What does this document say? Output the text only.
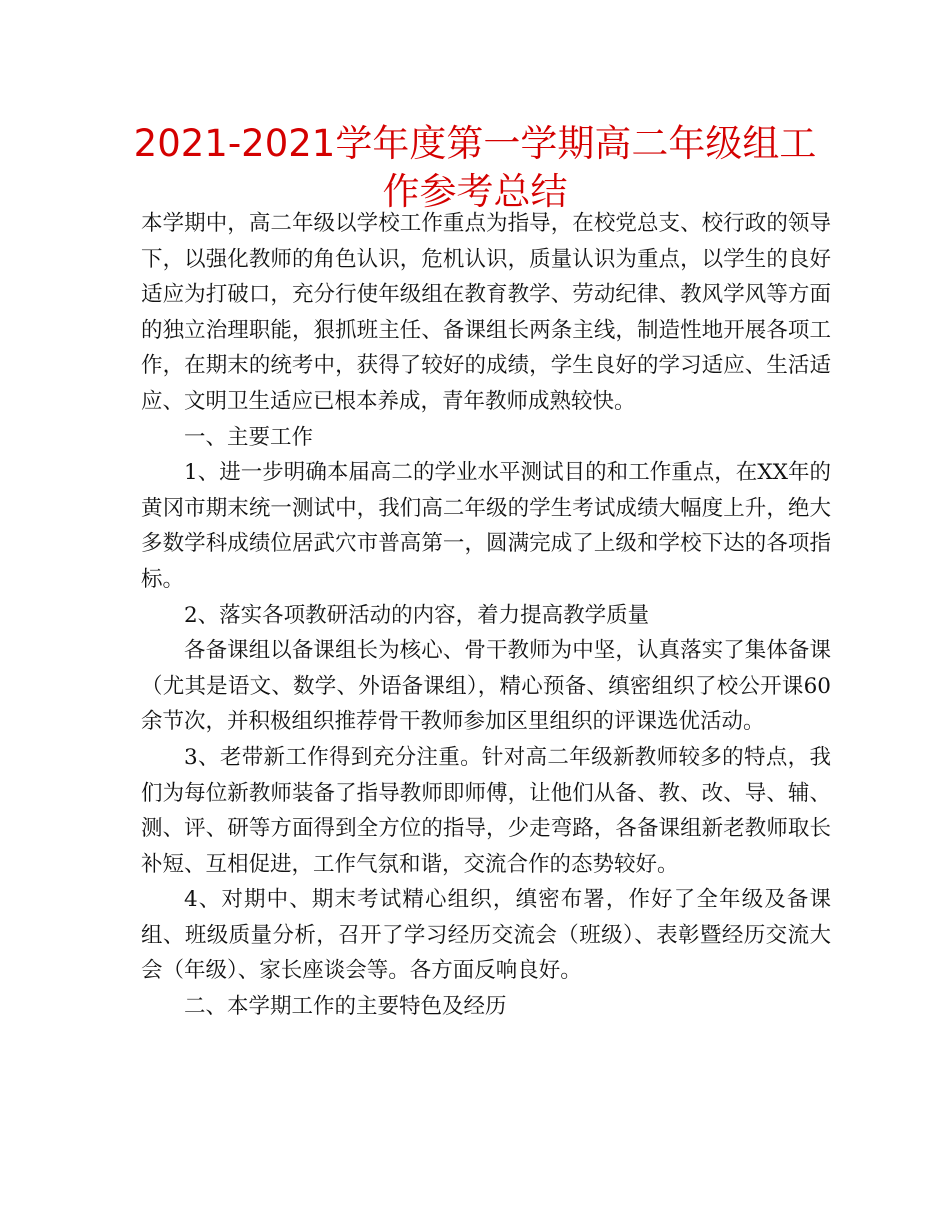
2021-2021学年度第一学期高二年级组工作参考总结

本学期中，高二年级以学校工作重点为指导，在校党总支、校行政的领导下，以强化教师的角色认识，危机认识，质量认识为重点，以学生的良好适应为打破口，充分行使年级组在教育教学、劳动纪律、教风学风等方面的独立治理职能，狠抓班主任、备课组长两条主线，制造性地开展各项工作，在期末的统考中，获得了较好的成绩，学生良好的学习适应、生活适应、文明卫生适应已根本养成，青年教师成熟较快。

一、主要工作

1、进一步明确本届高二的学业水平测试目的和工作重点，在XX年的黄冈市期末统一测试中，我们高二年级的学生考试成绩大幅度上升，绝大多数学科成绩位居武穴市普高第一，圆满完成了上级和学校下达的各项指标。

2、落实各项教研活动的内容，着力提高教学质量

各备课组以备课组长为核心、骨干教师为中坚，认真落实了集体备课（尤其是语文、数学、外语备课组），精心预备、缜密组织了校公开课60余节次，并积极组织推荐骨干教师参加区里组织的评课选优活动。

3、老带新工作得到充分注重。针对高二年级新教师较多的特点，我们为每位新教师装备了指导教师即师傅，让他们从备、教、改、导、辅、测、评、研等方面得到全方位的指导，少走弯路，各备课组新老教师取长补短、互相促进，工作气氛和谐，交流合作的态势较好。

4、对期中、期末考试精心组织，缜密布署，作好了全年级及备课组、班级质量分析，召开了学习经历交流会（班级）、表彰暨经历交流大会（年级）、家长座谈会等。各方面反响良好。

二、本学期工作的主要特色及经历
